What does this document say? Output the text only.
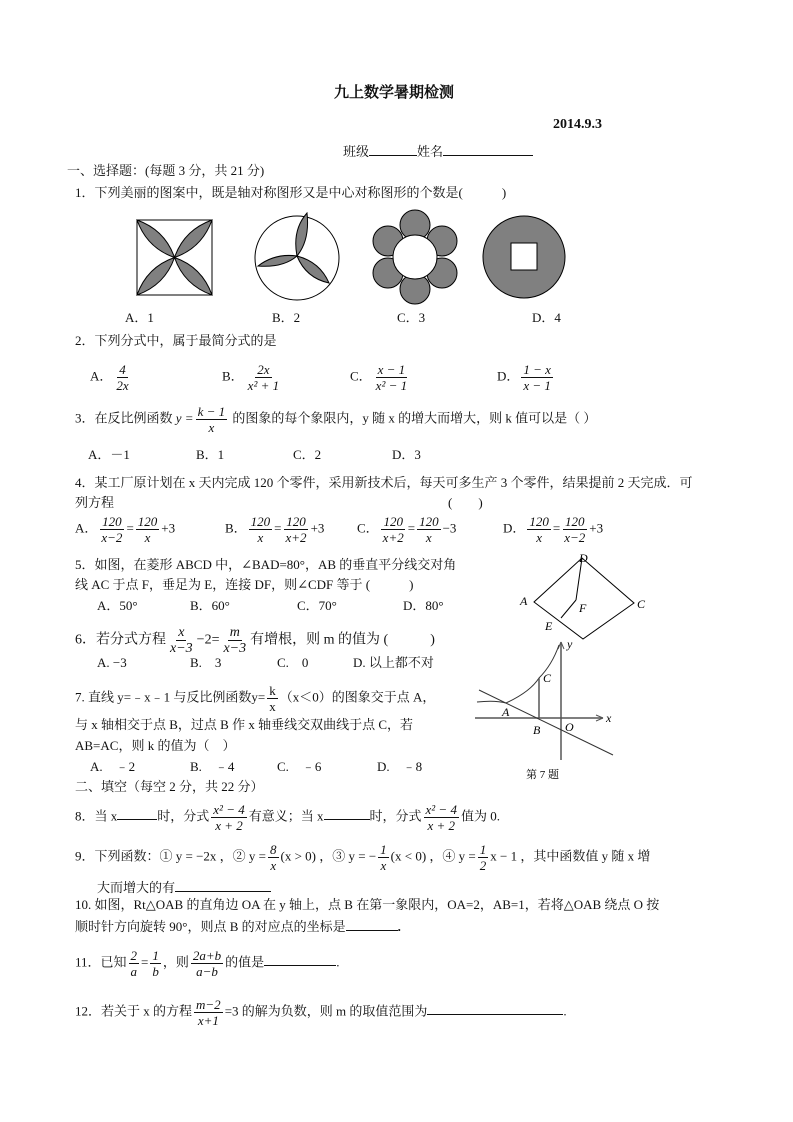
九上数学暑期检测
2014.9.3
班级	姓名
一、选择题：(每题 3 分，共 21 分)
1．下列美丽的图案中，既是轴对称图形又是中心对称图形的个数是(　　　)
A．1	B．2	C．3	D．4
2．下列分式中，属于最简分式的是
A． $\frac{4}{2x}$	B． $\frac{2x}{\text{x² + 1}}$	C． $\frac{x - 1}{\text{x² − 1}}$	D． $\frac{1 - x}{x - 1}$
3．在反比例函数 $y = \frac{k - 1}{x}$ 的图象的每个象限内，y 随 x 的增大而增大，则 k 值可以是（ ）
A．－1	B．1	C．2	D．3
4．某工厂原计划在 x 天内完成 120 个零件，采用新技术后，每天可多生产 3 个零件，结果提前 2 天完成．可
列方程	(　　)
A． $\frac{120}{x-2} = \frac{120}{x} +3$	B． $\frac{120}{x} = \frac{120}{x+2} +3$	C． $\frac{120}{x+2} = \frac{120}{x} -3$	D． $\frac{120}{x} = \frac{120}{x-2} +3$
5．如图，在菱形 ABCD 中，∠BAD=80°，AB 的垂直平分线交对角
线 AC 于点 F，垂足为 E，连接 DF，则∠CDF 等于 (　　　)
A．50°	B．60°	C．70°	D．80°
D
A	C
F
E
6．若分式方程 $\frac{x}{x-3} -2= \frac{m}{x-3}$ 有增根，则 m 的值为 (　　　)
A. −3	B.　3	C.　0	D. 以上都不对
7. 直线 y=﹣x﹣1 与反比例函数$y= \frac{k}{x} (x<0)$的图象交于点 A，
与 x 轴相交于点 B，过点 B 作 x 轴垂线交双曲线于点 C，若
AB=AC，则 k 的值为（　）
A.　﹣2	B.　﹣4	C.　﹣6	D.　﹣8
y
x
A
B O
C
第 7 题
二、填空（每空 2 分，共 22 分）
8．当 x	时，分式 $\frac{\text{x² − 4}}{x + 2}$ 有意义；当 x	时，分式 $\frac{\text{x² − 4}}{x + 2}$ 值为 0.
9．下列函数：① y = −2x ，② $y = \frac{8}{x} (x > 0)$ ，③ y = − $\frac{1}{x} (x < 0)$ ，④ $y = \frac{1}{2}$ x − 1 ，其中函数值 y 随 x 增
大而增大的有
10. 如图，Rt△OAB 的直角边 OA 在 y 轴上，点 B 在第一象限内，OA=2，AB=1，若将△OAB 绕点 O 按
顺时针方向旋转 90°，则点 B 的对应点的坐标是	.
11．已知 $\frac{2}{a} = \frac{1}{b}$ ，则 $\frac{2a+b}{a-b}$ 的值是	.
12．若关于 x 的方程 $\frac{m-2}{x+1} =3$ 的解为负数，则 m 的取值范围为	.
